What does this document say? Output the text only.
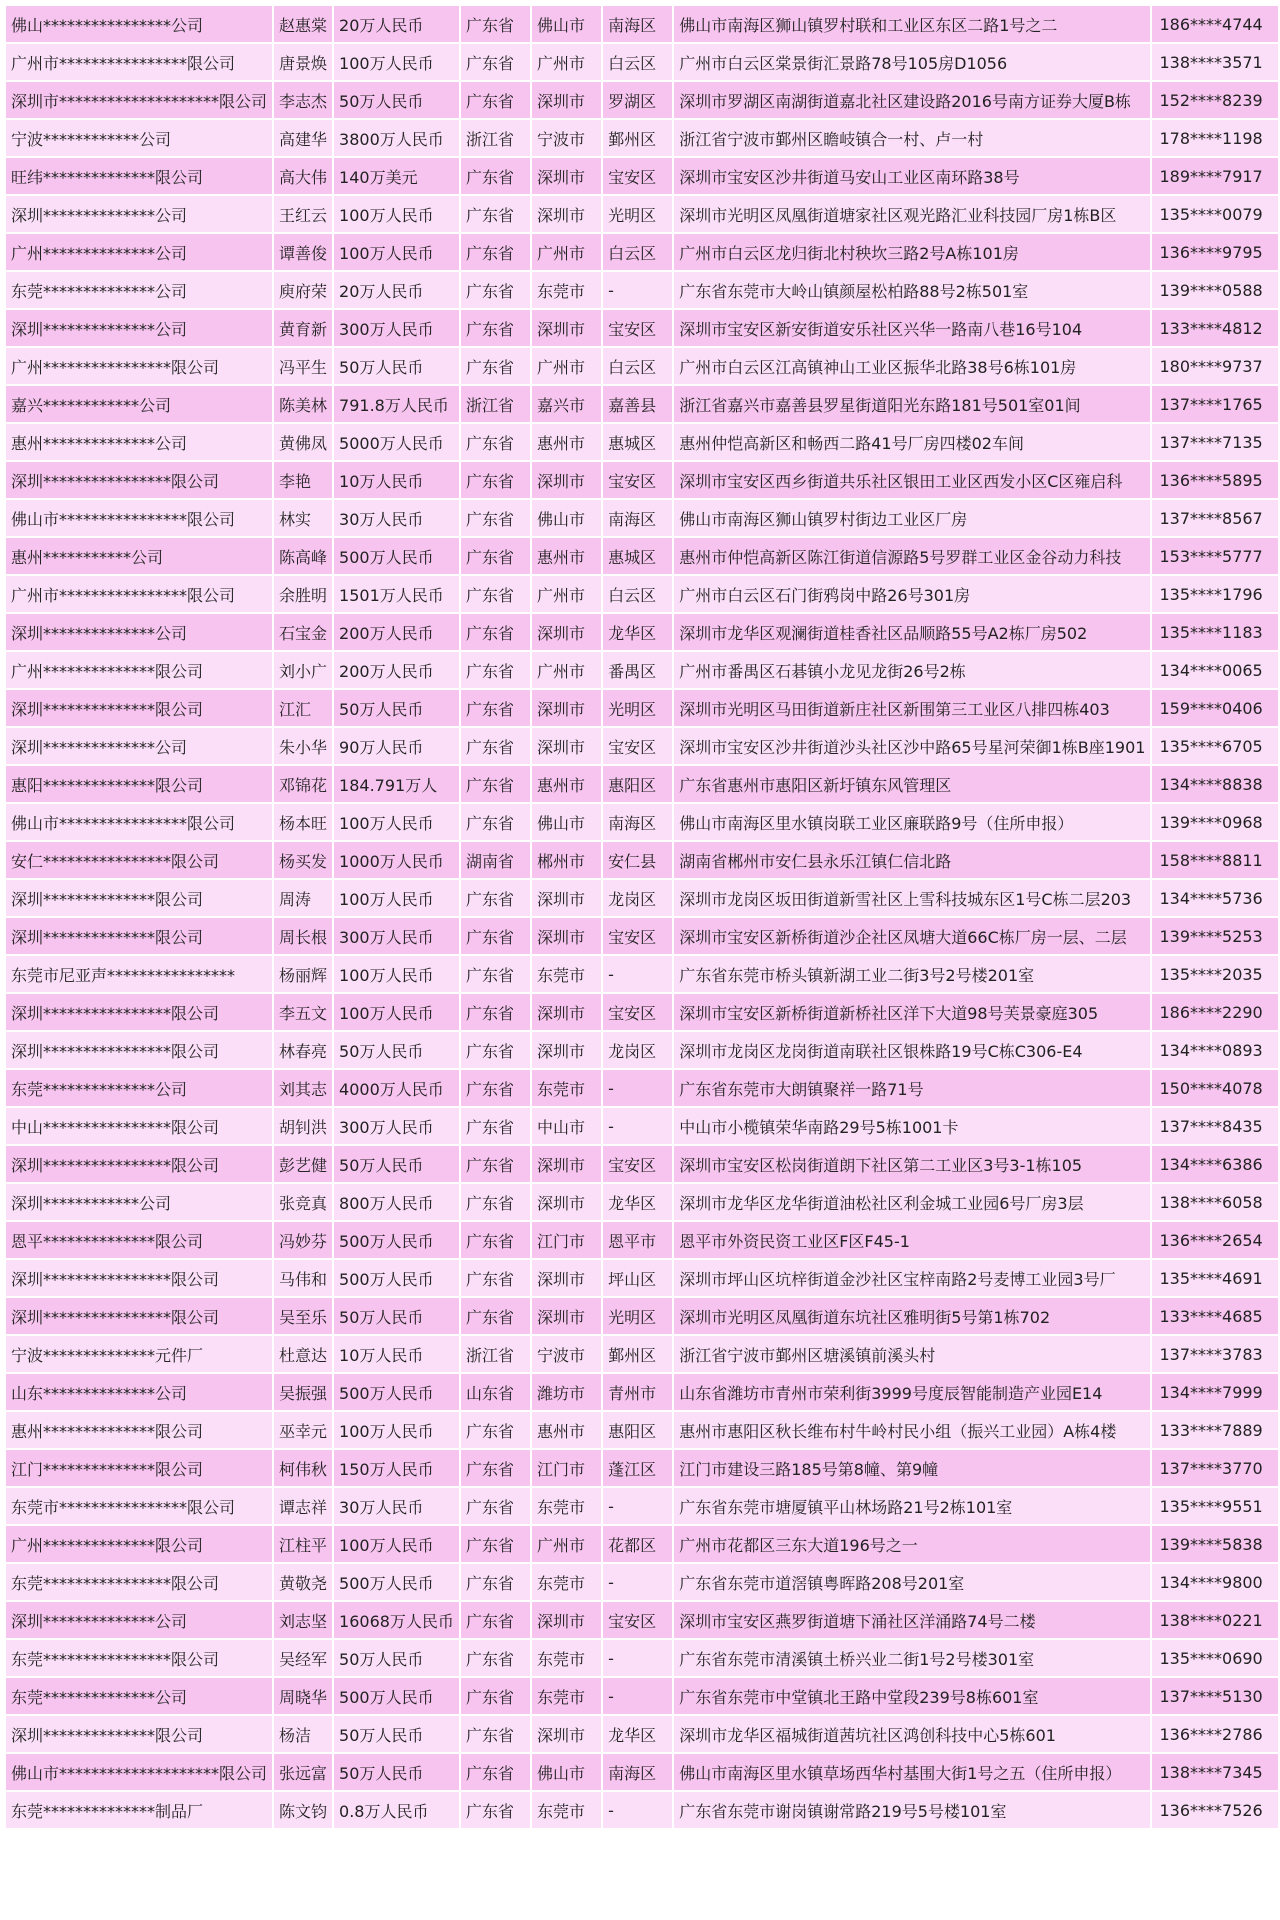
佛山****************公司	赵惠棠	20万人民币	广东省	佛山市	南海区	佛山市南海区狮山镇罗村联和工业区东区二路1号之二	186****4744
广州市****************限公司	唐景焕	100万人民币	广东省	广州市	白云区	广州市白云区棠景街汇景路78号105房D1056	138****3571
深圳市********************限公司	李志杰	50万人民币	广东省	深圳市	罗湖区	深圳市罗湖区南湖街道嘉北社区建设路2016号南方证券大厦B栋	152****8239
宁波************公司	高建华	3800万人民币	浙江省	宁波市	鄞州区	浙江省宁波市鄞州区瞻岐镇合一村、卢一村	178****1198
旺纬**************限公司	高大伟	140万美元	广东省	深圳市	宝安区	深圳市宝安区沙井街道马安山工业区南环路38号	189****7917
深圳**************公司	王红云	100万人民币	广东省	深圳市	光明区	深圳市光明区凤凰街道塘家社区观光路汇业科技园厂房1栋B区	135****0079
广州**************公司	谭善俊	100万人民币	广东省	广州市	白云区	广州市白云区龙归街北村秧坎三路2号A栋101房	136****9795
东莞**************公司	庾府荣	20万人民币	广东省	东莞市	-	广东省东莞市大岭山镇颜屋松柏路88号2栋501室	139****0588
深圳**************公司	黄育新	300万人民币	广东省	深圳市	宝安区	深圳市宝安区新安街道安乐社区兴华一路南八巷16号104	133****4812
广州****************限公司	冯平生	50万人民币	广东省	广州市	白云区	广州市白云区江高镇神山工业区振华北路38号6栋101房	180****9737
嘉兴************公司	陈美林	791.8万人民币	浙江省	嘉兴市	嘉善县	浙江省嘉兴市嘉善县罗星街道阳光东路181号501室01间	137****1765
惠州**************公司	黄佛凤	5000万人民币	广东省	惠州市	惠城区	惠州仲恺高新区和畅西二路41号厂房四楼02车间	137****7135
深圳****************限公司	李艳	10万人民币	广东省	深圳市	宝安区	深圳市宝安区西乡街道共乐社区银田工业区西发小区C区雍启科	136****5895
佛山市****************限公司	林实	30万人民币	广东省	佛山市	南海区	佛山市南海区狮山镇罗村街边工业区厂房	137****8567
惠州***********公司	陈高峰	500万人民币	广东省	惠州市	惠城区	惠州市仲恺高新区陈江街道信源路5号罗群工业区金谷动力科技	153****5777
广州市****************限公司	余胜明	1501万人民币	广东省	广州市	白云区	广州市白云区石门街鸦岗中路26号301房	135****1796
深圳**************公司	石宝金	200万人民币	广东省	深圳市	龙华区	深圳市龙华区观澜街道桂香社区品顺路55号A2栋厂房502	135****1183
广州**************限公司	刘小广	200万人民币	广东省	广州市	番禺区	广州市番禺区石碁镇小龙见龙街26号2栋	134****0065
深圳**************限公司	江汇	50万人民币	广东省	深圳市	光明区	深圳市光明区马田街道新庄社区新围第三工业区八排四栋403	159****0406
深圳**************公司	朱小华	90万人民币	广东省	深圳市	宝安区	深圳市宝安区沙井街道沙头社区沙中路65号星河荣御1栋B座1901	135****6705
惠阳**************限公司	邓锦花	184.791万人	广东省	惠州市	惠阳区	广东省惠州市惠阳区新圩镇东风管理区	134****8838
佛山市****************限公司	杨本旺	100万人民币	广东省	佛山市	南海区	佛山市南海区里水镇岗联工业区廉联路9号（住所申报）	139****0968
安仁****************限公司	杨买发	1000万人民币	湖南省	郴州市	安仁县	湖南省郴州市安仁县永乐江镇仁信北路	158****8811
深圳**************限公司	周涛	100万人民币	广东省	深圳市	龙岗区	深圳市龙岗区坂田街道新雪社区上雪科技城东区1号C栋二层203	134****5736
深圳**************限公司	周长根	300万人民币	广东省	深圳市	宝安区	深圳市宝安区新桥街道沙企社区凤塘大道66C栋厂房一层、二层	139****5253
东莞市尼亚声****************	杨丽辉	100万人民币	广东省	东莞市	-	广东省东莞市桥头镇新湖工业二街3号2号楼201室	135****2035
深圳****************限公司	李五文	100万人民币	广东省	深圳市	宝安区	深圳市宝安区新桥街道新桥社区洋下大道98号芙景豪庭305	186****2290
深圳****************限公司	林春亮	50万人民币	广东省	深圳市	龙岗区	深圳市龙岗区龙岗街道南联社区银株路19号C栋C306-E4	134****0893
东莞**************公司	刘其志	4000万人民币	广东省	东莞市	-	广东省东莞市大朗镇聚祥一路71号	150****4078
中山****************限公司	胡钊洪	300万人民币	广东省	中山市	-	中山市小榄镇荣华南路29号5栋1001卡	137****8435
深圳****************限公司	彭艺健	50万人民币	广东省	深圳市	宝安区	深圳市宝安区松岗街道朗下社区第二工业区3号3-1栋105	134****6386
深圳************公司	张竞真	800万人民币	广东省	深圳市	龙华区	深圳市龙华区龙华街道油松社区利金城工业园6号厂房3层	138****6058
恩平**************限公司	冯妙芬	500万人民币	广东省	江门市	恩平市	恩平市外资民资工业区F区F45-1	136****2654
深圳****************限公司	马伟和	500万人民币	广东省	深圳市	坪山区	深圳市坪山区坑梓街道金沙社区宝梓南路2号麦博工业园3号厂	135****4691
深圳****************限公司	吴至乐	50万人民币	广东省	深圳市	光明区	深圳市光明区凤凰街道东坑社区雅明街5号第1栋702	133****4685
宁波**************元件厂	杜意达	10万人民币	浙江省	宁波市	鄞州区	浙江省宁波市鄞州区塘溪镇前溪头村	137****3783
山东**************公司	吴振强	500万人民币	山东省	潍坊市	青州市	山东省潍坊市青州市荣利街3999号度辰智能制造产业园E14	134****7999
惠州**************限公司	巫幸元	100万人民币	广东省	惠州市	惠阳区	惠州市惠阳区秋长维布村牛岭村民小组（振兴工业园）A栋4楼	133****7889
江门**************限公司	柯伟秋	150万人民币	广东省	江门市	蓬江区	江门市建设三路185号第8幢、第9幢	137****3770
东莞市****************限公司	谭志祥	30万人民币	广东省	东莞市	-	广东省东莞市塘厦镇平山林场路21号2栋101室	135****9551
广州**************限公司	江柱平	100万人民币	广东省	广州市	花都区	广州市花都区三东大道196号之一	139****5838
东莞****************限公司	黄敬尧	500万人民币	广东省	东莞市	-	广东省东莞市道滘镇粤晖路208号201室	134****9800
深圳**************公司	刘志坚	16068万人民币	广东省	深圳市	宝安区	深圳市宝安区燕罗街道塘下涌社区洋涌路74号二楼	138****0221
东莞****************限公司	吴经军	50万人民币	广东省	东莞市	-	广东省东莞市清溪镇土桥兴业二街1号2号楼301室	135****0690
东莞**************公司	周晓华	500万人民币	广东省	东莞市	-	广东省东莞市中堂镇北王路中堂段239号8栋601室	137****5130
深圳**************限公司	杨洁	50万人民币	广东省	深圳市	龙华区	深圳市龙华区福城街道茜坑社区鸿创科技中心5栋601	136****2786
佛山市********************限公司	张远富	50万人民币	广东省	佛山市	南海区	佛山市南海区里水镇草场西华村基围大街1号之五（住所申报）	138****7345
东莞**************制品厂	陈文钧	0.8万人民币	广东省	东莞市	-	广东省东莞市谢岗镇谢常路219号5号楼101室	136****7526
